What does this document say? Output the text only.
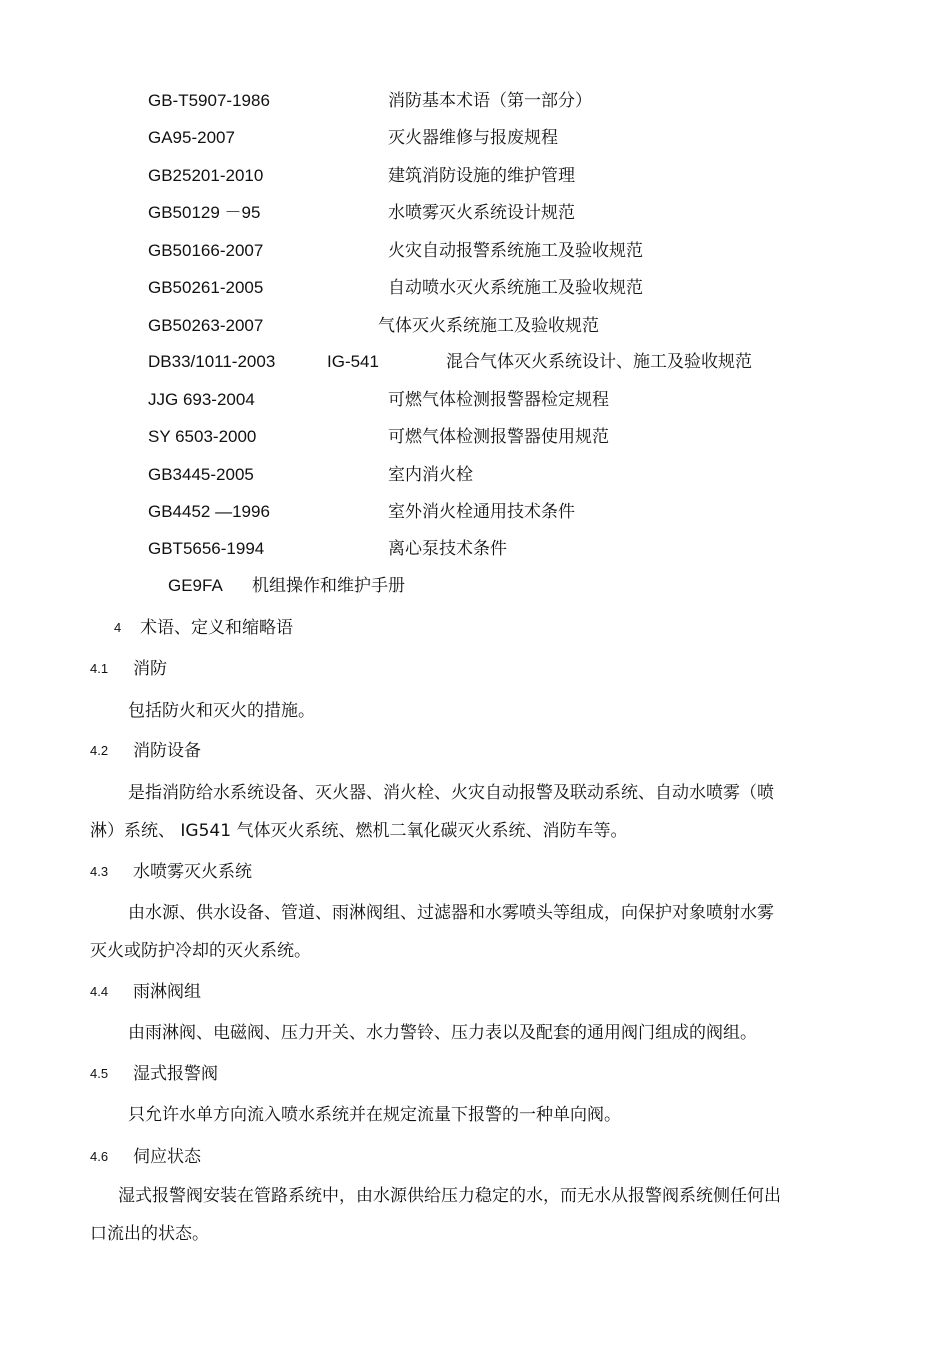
GB-T5907-1986	消防基本术语（第一部分）
GA95-2007	灭火器维修与报废规程
GB25201-2010	建筑消防设施的维护管理
GB50129 －95	水喷雾灭火系统设计规范
GB50166-2007	火灾自动报警系统施工及验收规范
GB50261-2005	自动喷水灭火系统施工及验收规范
GB50263-2007	气体灭火系统施工及验收规范
DB33/1011-2003	IG-541	混合气体灭火系统设计、施工及验收规范
JJG 693-2004	可燃气体检测报警器检定规程
SY 6503-2000	可燃气体检测报警器使用规范
GB3445-2005	室内消火栓
GB4452 —1996	室外消火栓通用技术条件
GBT5656-1994	离心泵技术条件
GE9FA 机组操作和维护手册
4 术语、定义和缩略语
4.1 消防
包括防火和灭火的措施。
4.2 消防设备
是指消防给水系统设备、灭火器、消火栓、火灾自动报警及联动系统、自动水喷雾（喷
淋）系统、 IG541 气体灭火系统、燃机二氧化碳灭火系统、消防车等。
4.3 水喷雾灭火系统
由水源、供水设备、管道、雨淋阀组、过滤器和水雾喷头等组成，向保护对象喷射水雾
灭火或防护冷却的灭火系统。
4.4 雨淋阀组
由雨淋阀、电磁阀、压力开关、水力警铃、压力表以及配套的通用阀门组成的阀组。
4.5 湿式报警阀
只允许水单方向流入喷水系统并在规定流量下报警的一种单向阀。
4.6 伺应状态
湿式报警阀安装在管路系统中，由水源供给压力稳定的水，而无水从报警阀系统侧任何出
口流出的状态。
